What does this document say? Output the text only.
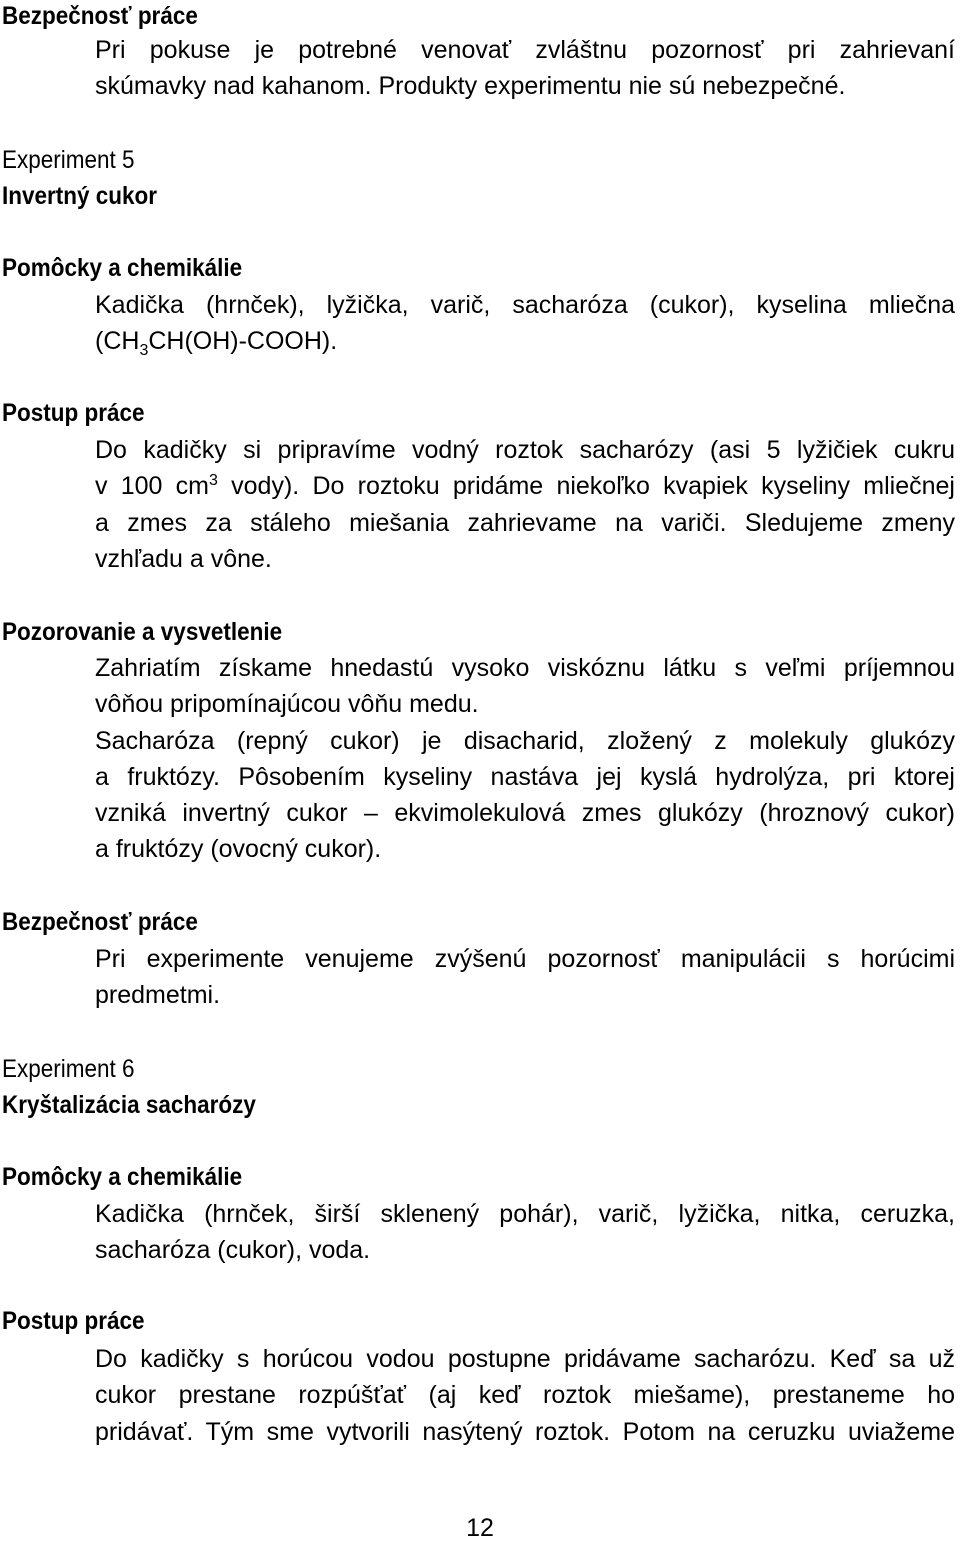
Bezpečnosť práce
Pri pokuse je potrebné venovať zvláštnu pozornosť pri zahrievaní
skúmavky nad kahanom. Produkty experimentu nie sú nebezpečné.
Experiment 5
Invertný cukor
Pomôcky a chemikálie
Kadička (hrnček), lyžička, varič, sacharóza (cukor), kyselina mliečna
$(CH_3CH(OH)-COOH)$.
Postup práce
Do kadičky si pripravíme vodný roztok sacharózy (asi 5 lyžičiek cukru
v 100 $cm^3$ vody). Do roztoku pridáme niekoľko kvapiek kyseliny mliečnej
a zmes za stáleho miešania zahrievame na variči. Sledujeme zmeny
vzhľadu a vône.
Pozorovanie a vysvetlenie
Zahriatím získame hnedastú vysoko viskóznu látku s veľmi príjemnou
vôňou pripomínajúcou vôňu medu.
Sacharóza (repný cukor) je disacharid, zložený z molekuly glukózy
a fruktózy. Pôsobením kyseliny nastáva jej kyslá hydrolýza, pri ktorej
vzniká invertný cukor – ekvimolekulová zmes glukózy (hroznový cukor)
a fruktózy (ovocný cukor).
Bezpečnosť práce
Pri experimente venujeme zvýšenú pozornosť manipulácii s horúcimi
predmetmi.
Experiment 6
Kryštalizácia sacharózy
Pomôcky a chemikálie
Kadička (hrnček, širší sklenený pohár), varič, lyžička, nitka, ceruzka,
sacharóza (cukor), voda.
Postup práce
Do kadičky s horúcou vodou postupne pridávame sacharózu. Keď sa už
cukor prestane rozpúšťať (aj keď roztok miešame), prestaneme ho
pridávať. Tým sme vytvorili nasýtený roztok. Potom na ceruzku uviažeme
12
